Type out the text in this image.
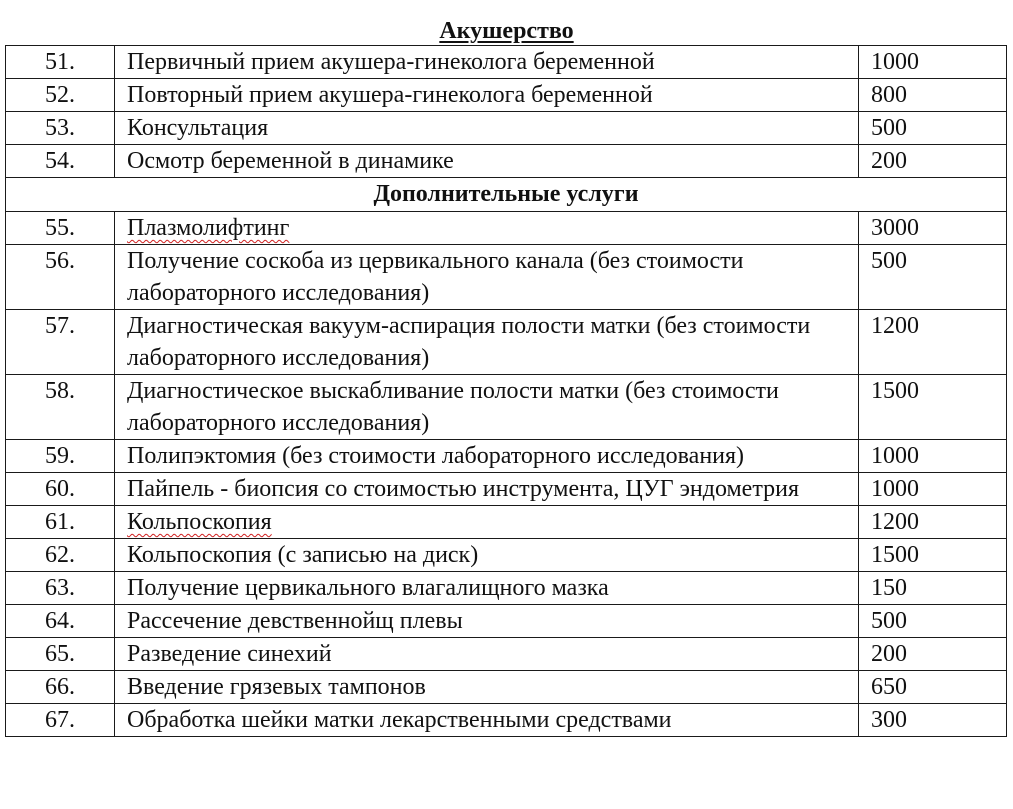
Акушерство
51.	Первичный прием акушера-гинеколога беременной	1000
52.	Повторный прием акушера-гинеколога беременной	800
53.	Консультация	500
54.	Осмотр беременной в динамике	200
Дополнительные услуги		
55.	Плазмолифтинг	3000
56.	Получение соскоба из цервикального канала (без стоимости лабораторного исследования)	500
57.	Диагностическая вакуум-аспирация полости матки (без стоимости лабораторного исследования)	1200
58.	Диагностическое выскабливание полости матки (без стоимости лабораторного исследования)	1500
59.	Полипэктомия (без стоимости лабораторного исследования)	1000
60.	Пайпель - биопсия со стоимостью инструмента, ЦУГ эндометрия	1000
61.	Кольпоскопия	1200
62.	Кольпоскопия (с записью на диск)	1500
63.	Получение цервикального влагалищного мазка	150
64.	Рассечение девственнойщ плевы	500
65.	Разведение синехий	200
66.	Введение грязевых тампонов	650
67.	Обработка шейки матки лекарственными средствами	300
